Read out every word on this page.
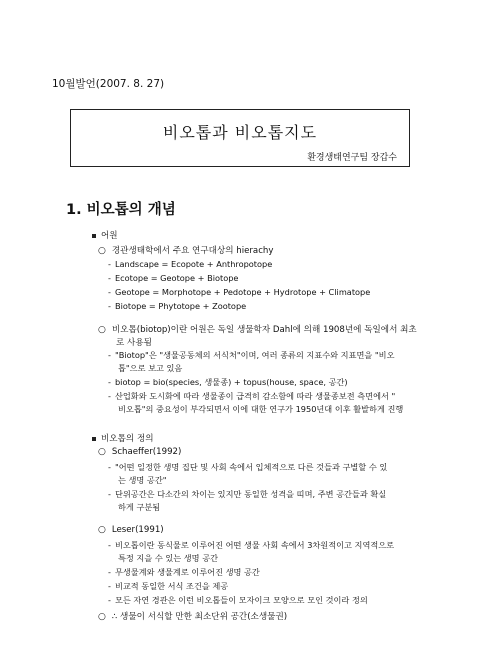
10월발언(2007. 8. 27)
비오톱과 비오톱지도
환경생태연구팀 장갑수
1. 비오톱의 개념
어원
○ 경관생태학에서 주요 연구대상의 hierachy
- Landscape = Ecopote + Anthropotope
- Ecotope = Geotope + Biotope
- Geotope = Morphotope + Pedotope + Hydrotope + Climatope
- Biotope = Phytotope + Zootope
○ 비오톱(biotop)이란 어원은 독일 생물학자 Dahl에 의해 1908년에 독일에서 최초
로 사용됨
- "Biotop"은 "생물공동체의 서식처"이며, 여러 종류의 지표수와 지표면을 "비오
톱"으로 보고 있음
- biotop = bio(species, 생물종) + topus(house, space, 공간)
- 산업화와 도시화에 따라 생물종이 급격히 감소함에 따라 생물종보전 측면에서 "
비오톱"의 중요성이 부각되면서 이에 대한 연구가 1950년대 이후 활발하게 진행
비오톱의 정의
○ Schaeffer(1992)
- "어떤 일정한 생명 집단 및 사회 속에서 입체적으로 다른 것들과 구별할 수 있
는 생명 공간"
- 단위공간은 다소간의 차이는 있지만 동일한 성격을 띠며, 주변 공간들과 확실
하게 구분됨
○ Leser(1991)
- 비오톱이란 동식물로 이루어진 어떤 생물 사회 속에서 3차원적이고 지역적으로
특정 지을 수 있는 생명 공간
- 무생물계와 생물계로 이루어진 생명 공간
- 비교적 동일한 서식 조건을 제공
- 모든 자연 경관은 이런 비오톱들이 모자이크 모양으로 모인 것이라 정의
○ ∴ 생물이 서식할 만한 최소단위 공간(소생물권)
